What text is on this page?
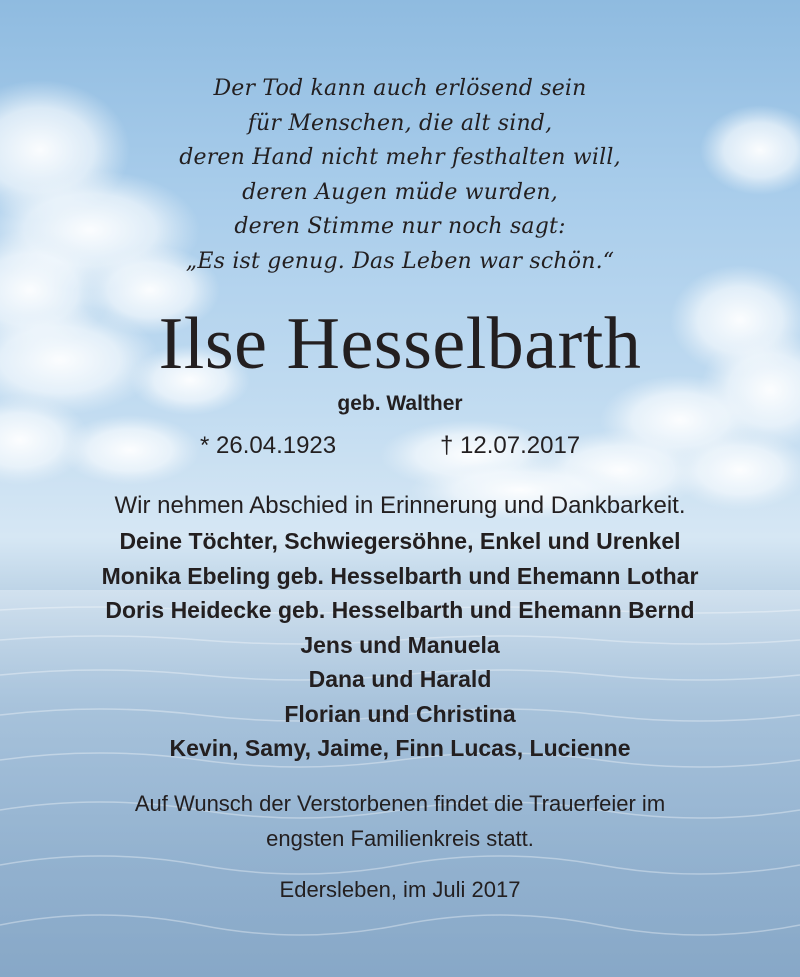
Der Tod kann auch erlösend sein
für Menschen, die alt sind,
deren Hand nicht mehr festhalten will,
deren Augen müde wurden,
deren Stimme nur noch sagt:
„Es ist genug. Das Leben war schön.“
Ilse Hesselbarth
geb. Walther
* 26.04.1923	† 12.07.2017
Wir nehmen Abschied in Erinnerung und Dankbarkeit.
Deine Töchter, Schwiegersöhne, Enkel und Urenkel
Monika Ebeling geb. Hesselbarth und Ehemann Lothar
Doris Heidecke geb. Hesselbarth und Ehemann Bernd
Jens und Manuela
Dana und Harald
Florian und Christina
Kevin, Samy, Jaime, Finn Lucas, Lucienne
Auf Wunsch der Verstorbenen findet die Trauerfeier im
engsten Familienkreis statt.
Edersleben, im Juli 2017
